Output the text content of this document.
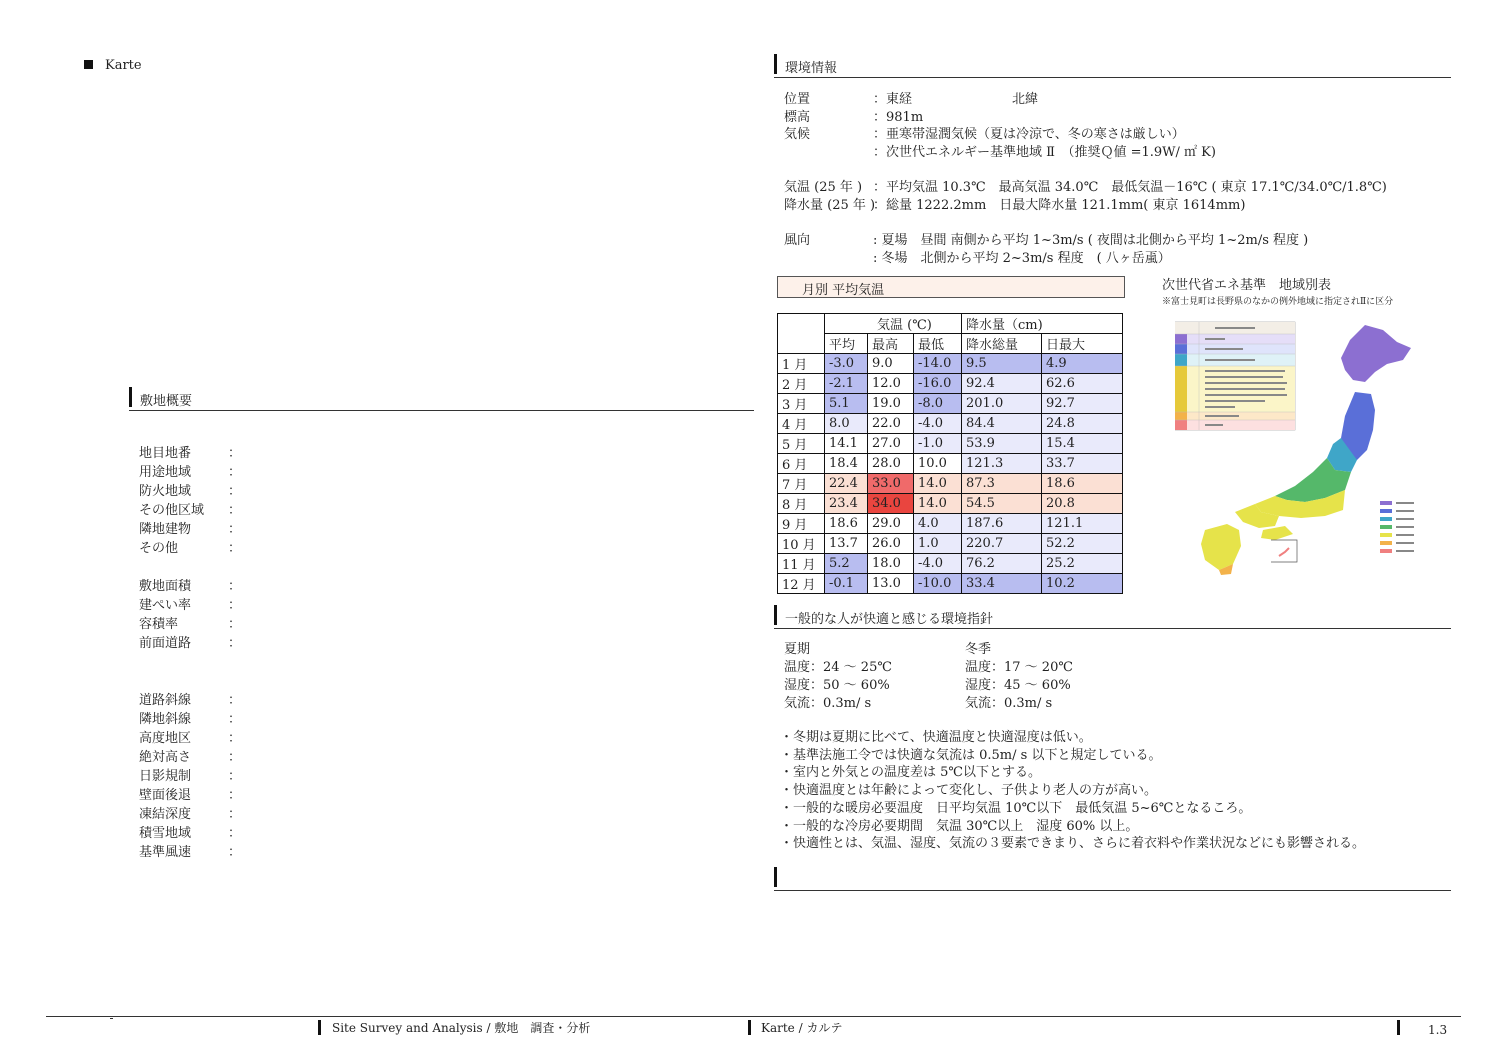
Karte
敷地概要
地目地番	：
用途地域	：
防火地域	：
その他区域 ：
隣地建物	：
その他	：
敷地面積	：
建ぺい率	：
容積率	：
前面道路	：
道路斜線	：
隣地斜線	：
高度地区	：
絶対高さ	：
日影規制	：
壁面後退	：
凍結深度	：
積雪地域	：
基準風速	：
環境情報
位置	：東経	北緯
標高	：981m
気候	：亜寒帯湿潤気候（夏は冷涼で、冬の寒さは厳しい）
：次世代エネルギー基準地域 Ⅱ　（推奨Ｑ値 =1.9W/ ㎡ K)
気温 (25 年 ) ：平均気温 10.3℃　最高気温 34.0℃　最低気温－16℃ ( 東京 17.1℃/34.0℃/1.8℃)
降水量 (25 年 )
：総量 1222.2mm　日最大降水量 121.1mm( 東京 1614mm)
風向	: 夏場　昼間 南側から平均 1~3m/s ( 夜間は北側から平均 1~2m/s 程度 )
: 冬場　北側から平均 2~3m/s 程度　( 八ヶ岳颪）
月別 平均気温
	気温 (℃)			降水量（cm)	
	平均	最高	最低	降水総量	日最大
1 月	-3.0	9.0	-14.0	9.5	4.9
2 月	-2.1	12.0	-16.0	92.4	62.6
3 月	5.1	19.0	-8.0	201.0	92.7
4 月	8.0	22.0	-4.0	84.4	24.8
5 月	14.1	27.0	-1.0	53.9	15.4
6 月	18.4	28.0	10.0	121.3	33.7
7 月	22.4	33.0	14.0	87.3	18.6
8 月	23.4	34.0	14.0	54.5	20.8
9 月	18.6	29.0	4.0	187.6	121.1
10 月	13.7	26.0	1.0	220.7	52.2
11 月	5.2	18.0	-4.0	76.2	25.2
12 月	-0.1	13.0	-10.0	33.4	10.2
次世代省エネ基準　地域別表
※富士見町は長野県のなかの例外地域に指定されⅡに区分
一般的な人が快適と感じる環境指針
夏期
温度：24 ～ 25℃
湿度：50 ～ 60%
気流：0.3m/ s
冬季
温度：17 ～ 20℃
湿度：45 ～ 60%
気流：0.3m/ s
・冬期は夏期に比べて、快適温度と快適湿度は低い。
・基準法施工令では快適な気流は 0.5m/ s 以下と規定している。
・室内と外気との温度差は 5℃以下とする。
・快適温度とは年齢によって変化し、子供より老人の方が高い。
・一般的な暖房必要温度　日平均気温 10℃以下　最低気温 5~6℃となるころ。
・一般的な冷房必要期間　気温 30℃以上　湿度 60% 以上。
・快適性とは、気温、湿度、気流の３要素できまり、さらに着衣料や作業状況などにも影響される。
Site Survey and Analysis / 敷地　調査・分析	Karte / カルテ	1.3
